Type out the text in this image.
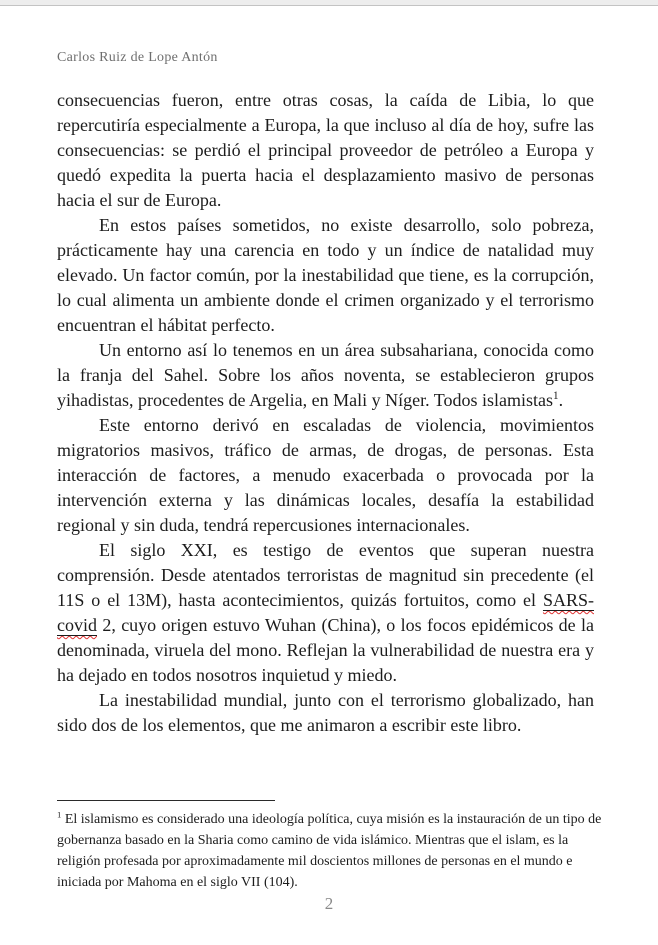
Carlos Ruiz de Lope Antón

consecuencias fueron, entre otras cosas, la caída de Libia, lo que repercutiría especialmente a Europa, la que incluso al día de hoy, sufre las consecuencias: se perdió el principal proveedor de petróleo a Europa y quedó expedita la puerta hacia el desplazamiento masivo de personas hacia el sur de Europa.

En estos países sometidos, no existe desarrollo, solo pobreza, prácticamente hay una carencia en todo y un índice de natalidad muy elevado. Un factor común, por la inestabilidad que tiene, es la corrupción, lo cual alimenta un ambiente donde el crimen organizado y el terrorismo encuentran el hábitat perfecto.

Un entorno así lo tenemos en un área subsahariana, conocida como la franja del Sahel. Sobre los años noventa, se establecieron grupos yihadistas, procedentes de Argelia, en Mali y Níger. Todos islamistas$^1$.

Este entorno derivó en escaladas de violencia, movimientos migratorios masivos, tráfico de armas, de drogas, de personas. Esta interacción de factores, a menudo exacerbada o provocada por la intervención externa y las dinámicas locales, desafía la estabilidad regional y sin duda, tendrá repercusiones internacionales.

El siglo XXI, es testigo de eventos que superan nuestra comprensión. Desde atentados terroristas de magnitud sin precedente (el 11S o el 13M), hasta acontecimientos, quizás fortuitos, como el SARS-covid 2, cuyo origen estuvo Wuhan (China), o los focos epidémicos de la denominada, viruela del mono. Reflejan la vulnerabilidad de nuestra era y ha dejado en todos nosotros inquietud y miedo.

La inestabilidad mundial, junto con el terrorismo globalizado, han sido dos de los elementos, que me animaron a escribir este libro.

$^1$ El islamismo es considerado una ideología política, cuya misión es la instauración de un tipo de gobernanza basado en la Sharia como camino de vida islámico. Mientras que el islam, es la religión profesada por aproximadamente mil doscientos millones de personas en el mundo e iniciada por Mahoma en el siglo VII (104).
2
